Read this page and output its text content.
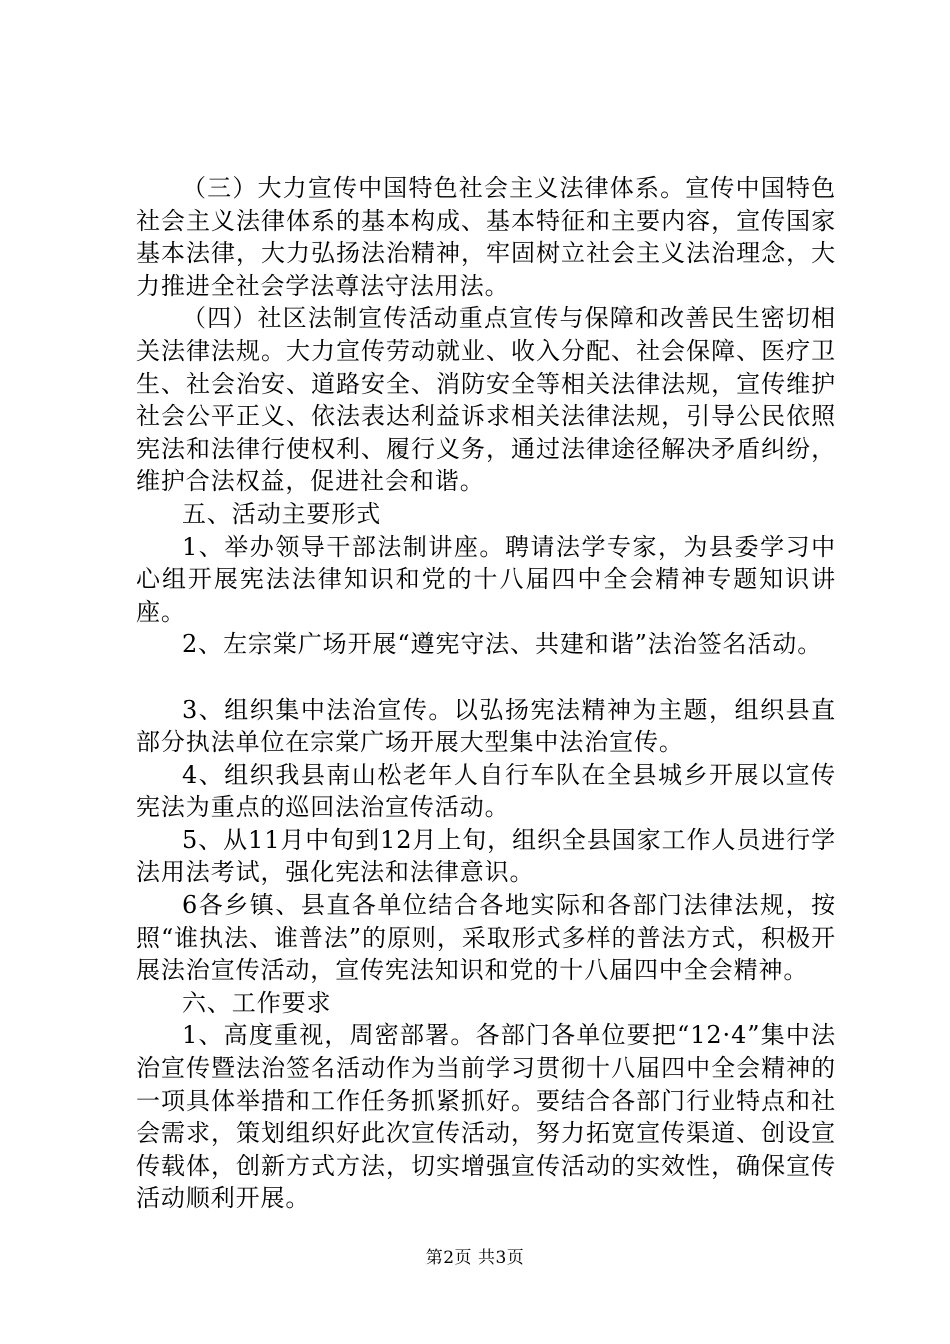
（三）大力宣传中国特色社会主义法律体系。宣传中国特色社会主义法律体系的基本构成、基本特征和主要内容，宣传国家基本法律，大力弘扬法治精神，牢固树立社会主义法治理念，大力推进全社会学法尊法守法用法。

（四）社区法制宣传活动重点宣传与保障和改善民生密切相关法律法规。大力宣传劳动就业、收入分配、社会保障、医疗卫生、社会治安、道路安全、消防安全等相关法律法规，宣传维护社会公平正义、依法表达利益诉求相关法律法规，引导公民依照宪法和法律行使权利、履行义务，通过法律途径解决矛盾纠纷，维护合法权益，促进社会和谐。

五、活动主要形式

1、举办领导干部法制讲座。聘请法学专家，为县委学习中心组开展宪法法律知识和党的十八届四中全会精神专题知识讲座。

2、左宗棠广场开展“遵宪守法、共建和谐”法治签名活动。

3、组织集中法治宣传。以弘扬宪法精神为主题，组织县直部分执法单位在宗棠广场开展大型集中法治宣传。

4、组织我县南山松老年人自行车队在全县城乡开展以宣传宪法为重点的巡回法治宣传活动。

5、从11月中旬到12月上旬，组织全县国家工作人员进行学法用法考试，强化宪法和法律意识。

6各乡镇、县直各单位结合各地实际和各部门法律法规，按照“谁执法、谁普法”的原则，采取形式多样的普法方式，积极开展法治宣传活动，宣传宪法知识和党的十八届四中全会精神。

六、工作要求

1、高度重视，周密部署。各部门各单位要把“12·4”集中法治宣传暨法治签名活动作为当前学习贯彻十八届四中全会精神的一项具体举措和工作任务抓紧抓好。要结合各部门行业特点和社会需求，策划组织好此次宣传活动，努力拓宽宣传渠道、创设宣传载体，创新方式方法，切实增强宣传活动的实效性，确保宣传活动顺利开展。

第2页 共3页
